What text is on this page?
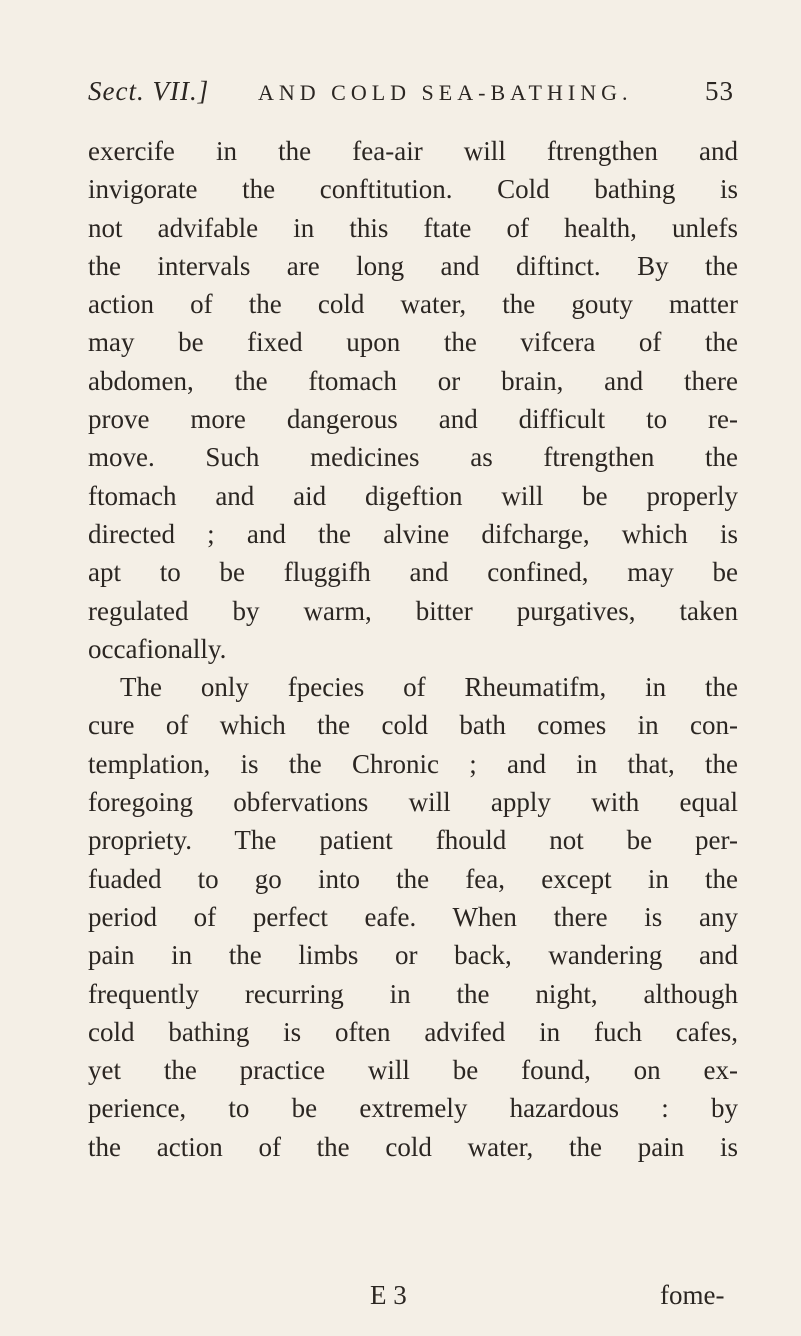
Sect. VII.] AND COLD SEA-BATHING.	53
exercife in the fea-air will ftrengthen and
invigorate the conftitution. Cold bathing is
not advifable in this ftate of health, unlefs
the intervals are long and diftinct. By the
action of the cold water, the gouty matter
may be fixed upon the vifcera of the
abdomen, the ftomach or brain, and there
prove more dangerous and difficult to re-
move. Such medicines as ftrengthen the
ftomach and aid digeftion will be properly
directed ; and the alvine difcharge, which is
apt to be fluggifh and confined, may be
regulated by warm, bitter purgatives, taken
occafionally.
The only fpecies of Rheumatifm, in the
cure of which the cold bath comes in con-
templation, is the Chronic ; and in that, the
foregoing obfervations will apply with equal
propriety. The patient fhould not be per-
fuaded to go into the fea, except in the
period of perfect eafe. When there is any
pain in the limbs or back, wandering and
frequently recurring in the night, although
cold bathing is often advifed in fuch cafes,
yet the practice will be found, on ex-
perience, to be extremely hazardous : by
the action of the cold water, the pain is
E 3	fome-
